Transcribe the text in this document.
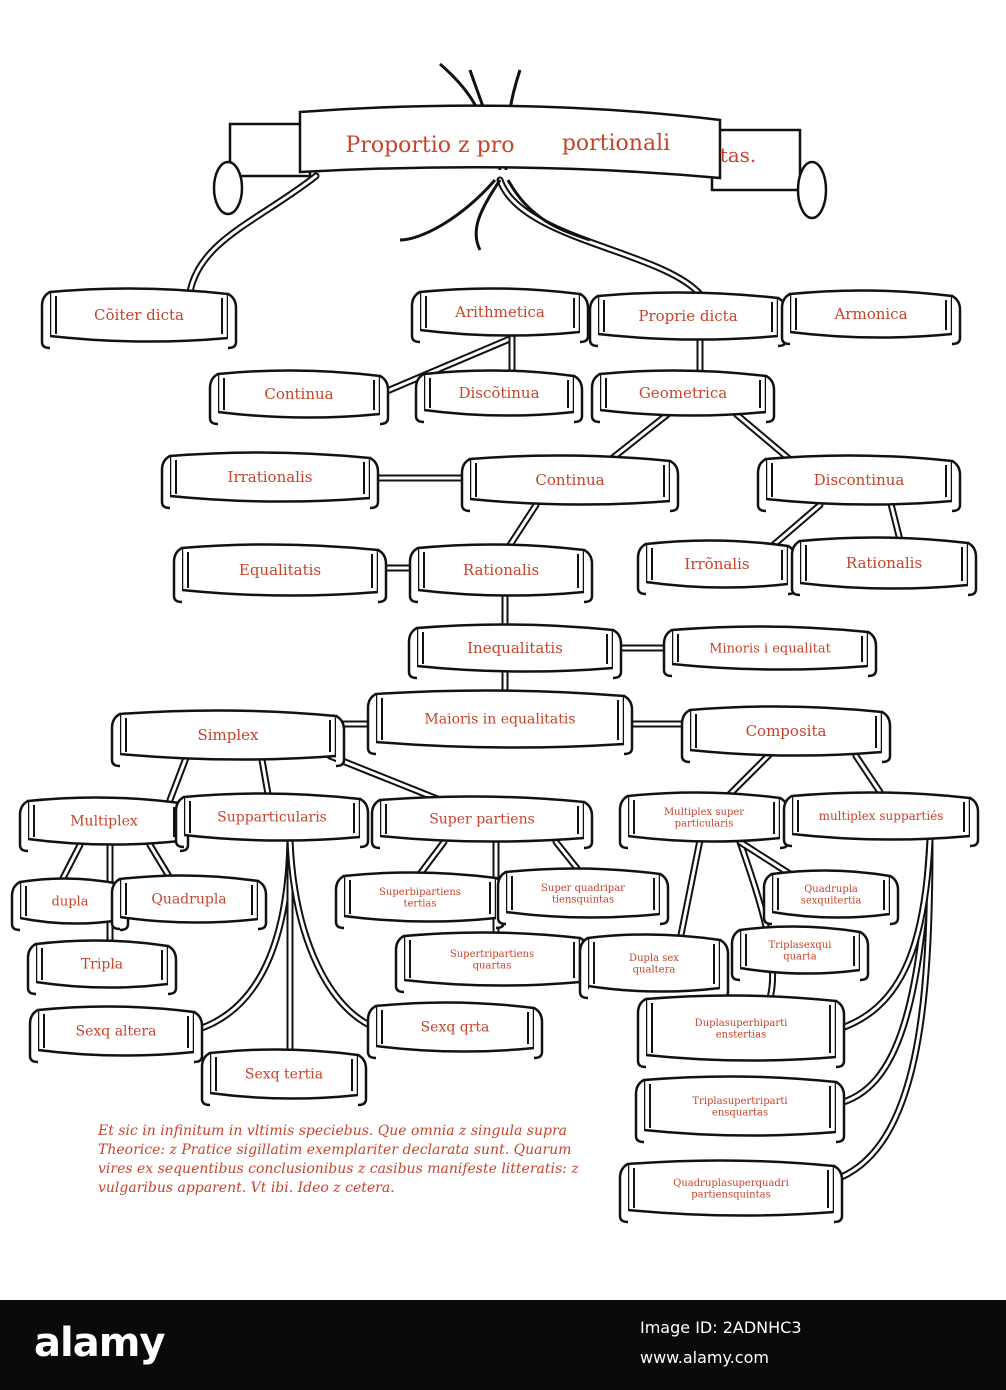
Proportio z pro portionali tas.
Cõiter dicta	Arithmetica	Proprie dicta	Armonica
Continua	Discõtinua	Geometrica
Irrationalis	Continua	Discontinua
Equalitatis	Rationalis	Irrõnalis	Rationalis
Inequalitatis	Minoris i equalitat
Simplex
Maioris in equalitatis
Composita
Multiplex	Supparticularis	Super partiens	Multiplex super particularis
multiplex suppartiés
dupla	Quadrupla
Tripla
Sexq altera
Sexq tertia
Superbipartiens tertias
Super quadripar tiensquintas
Supertripartiens quartas
Sexq qrta
Dupla sex qualtera
Quadrupla sexquitertia
Triplasexqui quarta
Duplasuperbiparti enstertias
Triplasupertriparti ensquartas
Quadruplasuperquadri partiensquintas
Et sic in infinitum in vltimis speciebus. Que omnia z singula supra Theorice: z Pratice sigillatim exemplariter declarata sunt. Quarum vires ex sequentibus conclusionibus z casibus manifeste litteratis: z vulgaribus apparent. Vt ibi. Ideo z cetera.
alamy	Image ID: 2ADNHC3
www.alamy.com
